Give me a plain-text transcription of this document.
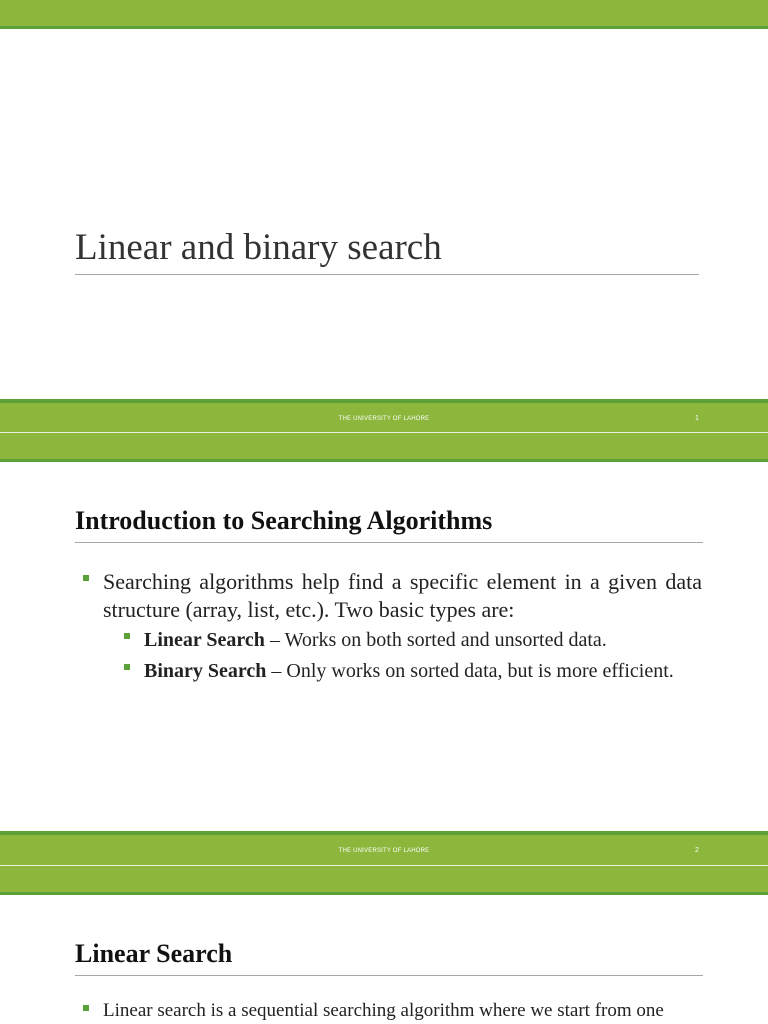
Linear and binary search
THE UNIVERSITY OF LAHORE	1
Introduction to Searching Algorithms
Searching algorithms help find a specific element in a given data structure (array, list, etc.). Two basic types are:
Linear Search – Works on both sorted and unsorted data.
Binary Search – Only works on sorted data, but is more efficient.
THE UNIVERSITY OF LAHORE	2
Linear Search
Linear search is a sequential searching algorithm where we start from one
